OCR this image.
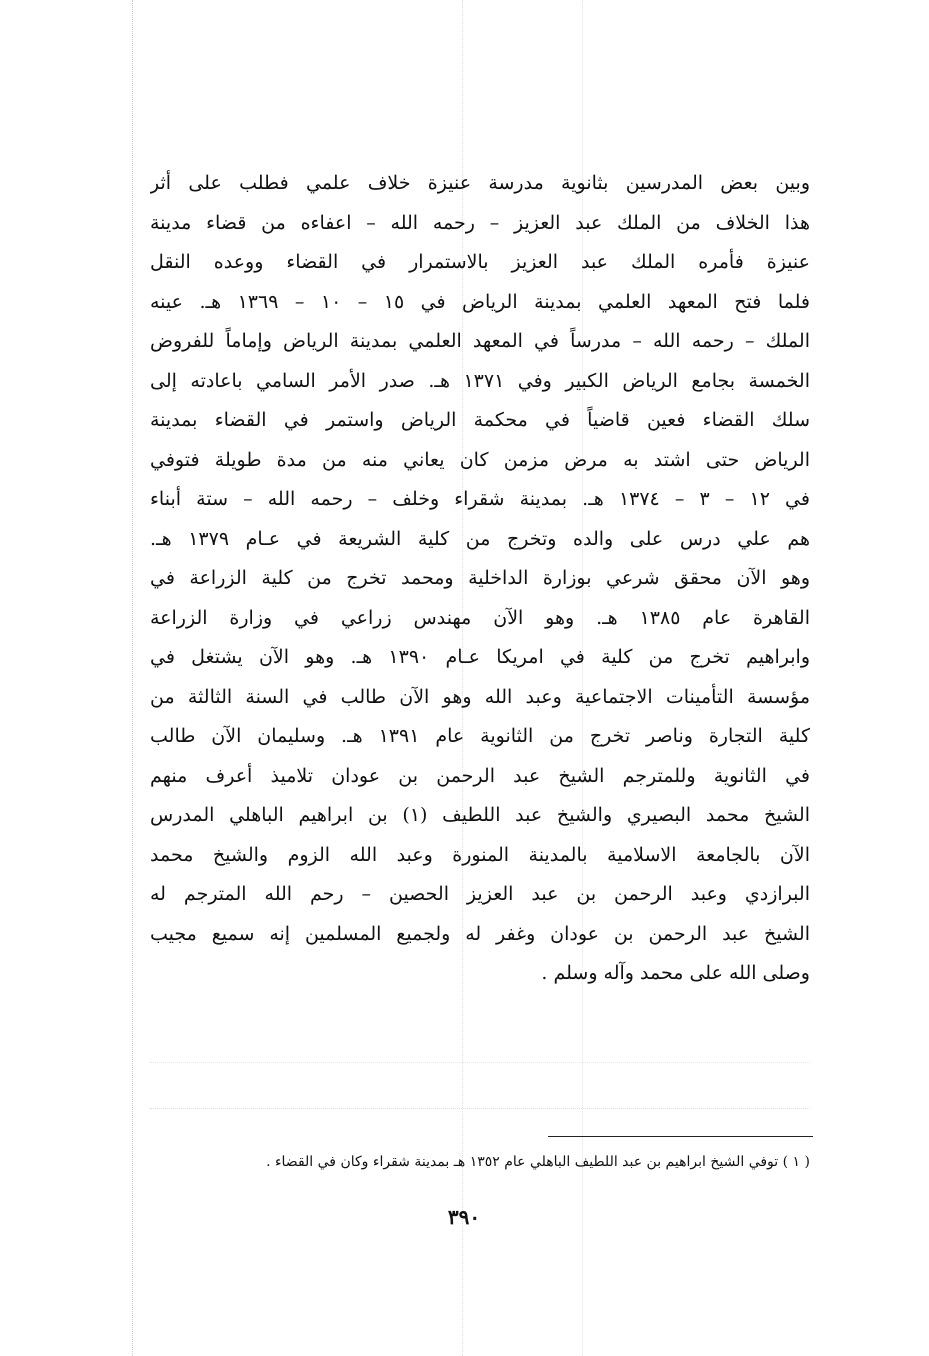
وبين بعض المدرسين بثانوية مدرسة عنيزة خلاف علمي فطلب على أثر
هذا الخلاف من الملك عبد العزيز – رحمه الله – اعفاءه من قضاء مدينة
عنيزة فأمره الملك عبد العزيز بالاستمرار في القضاء ووعده النقل
فلما فتح المعهد العلمي بمدينة الرياض في ١٥ – ١٠ – ١٣٦٩ هـ. عينه
الملك – رحمه الله – مدرساً في المعهد العلمي بمدينة الرياض وإماماً للفروض
الخمسة بجامع الرياض الكبير وفي ١٣٧١ هـ. صدر الأمر السامي باعادته إلى
سلك القضاء فعين قاضياً في محكمة الرياض واستمر في القضاء بمدينة
الرياض حتى اشتد به مرض مزمن كان يعاني منه من مدة طويلة فتوفي
في ١٢ – ٣ – ١٣٧٤ هـ. بمدينة شقراء وخلف – رحمه الله – ستة أبناء
هم علي درس على والده وتخرج من كلية الشريعة في عـام ١٣٧٩ هـ.
وهو الآن محقق شرعي بوزارة الداخلية ومحمد تخرج من كلية الزراعة في
القاهرة عام ١٣٨٥ هـ. وهو الآن مهندس زراعي في وزارة الزراعة
وابراهيم تخرج من كلية في امريكا عـام ١٣٩٠ هـ. وهو الآن يشتغل في
مؤسسة التأمينات الاجتماعية وعبد الله وهو الآن طالب في السنة الثالثة من
كلية التجارة وناصر تخرج من الثانوية عام ١٣٩١ هـ. وسليمان الآن طالب
في الثانوية وللمترجم الشيخ عبد الرحمن بن عودان تلاميذ أعرف منهم
الشيخ محمد البصيري والشيخ عبد اللطيف (١) بن ابراهيم الباهلي المدرس
الآن بالجامعة الاسلامية بالمدينة المنورة وعبد الله الزوم والشيخ محمد
البرازدي وعبد الرحمن بن عبد العزيز الحصين – رحم الله المترجم له
الشيخ عبد الرحمن بن عودان وغفر له ولجميع المسلمين إنه سميع مجيب
وصلى الله على محمد وآله وسلم .
( ١ ) توفي الشيخ ابراهيم بن عبد اللطيف الباهلي عام ١٣٥٢ هـ بمدينة شقراء وكان في القضاء .
٣٩٠
